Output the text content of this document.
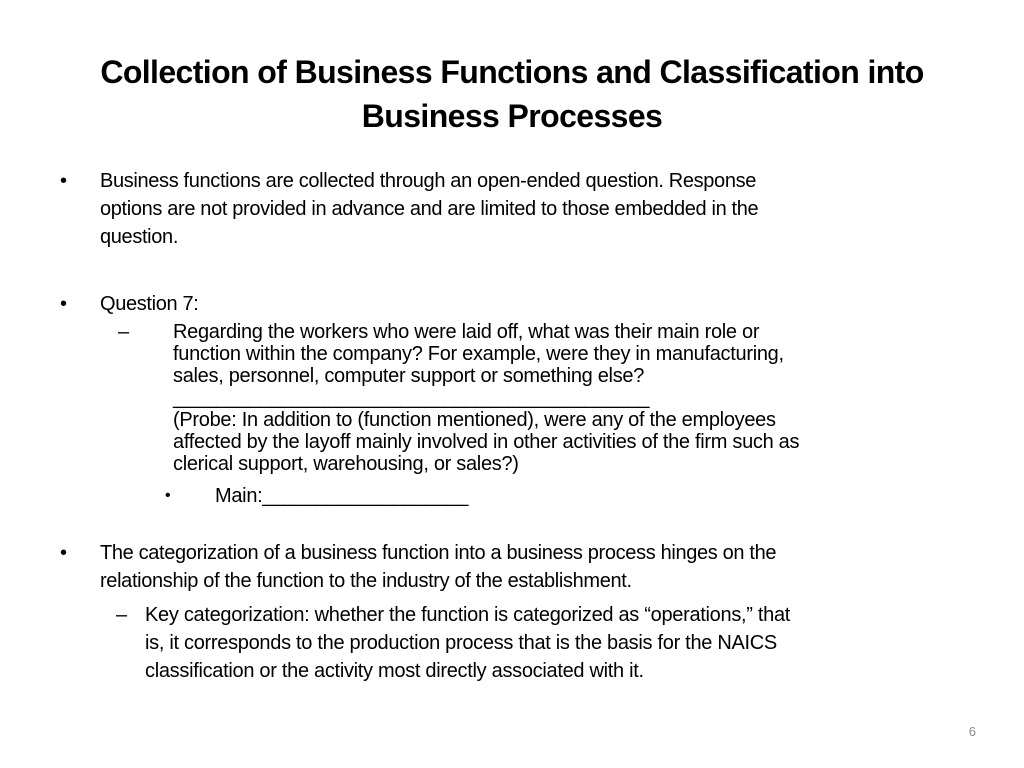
Collection of Business Functions and Classification into
Business Processes
• Business functions are collected through an open-ended question. Response
options are not provided in advance and are limited to those embedded in the
question.
• Question 7:
– Regarding the workers who were laid off, what was their main role or
function within the company? For example, were they in manufacturing,
sales, personnel, computer support or something else?
____________________________________________
(Probe: In addition to (function mentioned), were any of the employees
affected by the layoff mainly involved in other activities of the firm such as
clerical support, warehousing, or sales?)
• Main:___________________
• The categorization of a business function into a business process hinges on the
relationship of the function to the industry of the establishment.
– Key categorization: whether the function is categorized as “operations,” that
is, it corresponds to the production process that is the basis for the NAICS
classification or the activity most directly associated with it.
6
